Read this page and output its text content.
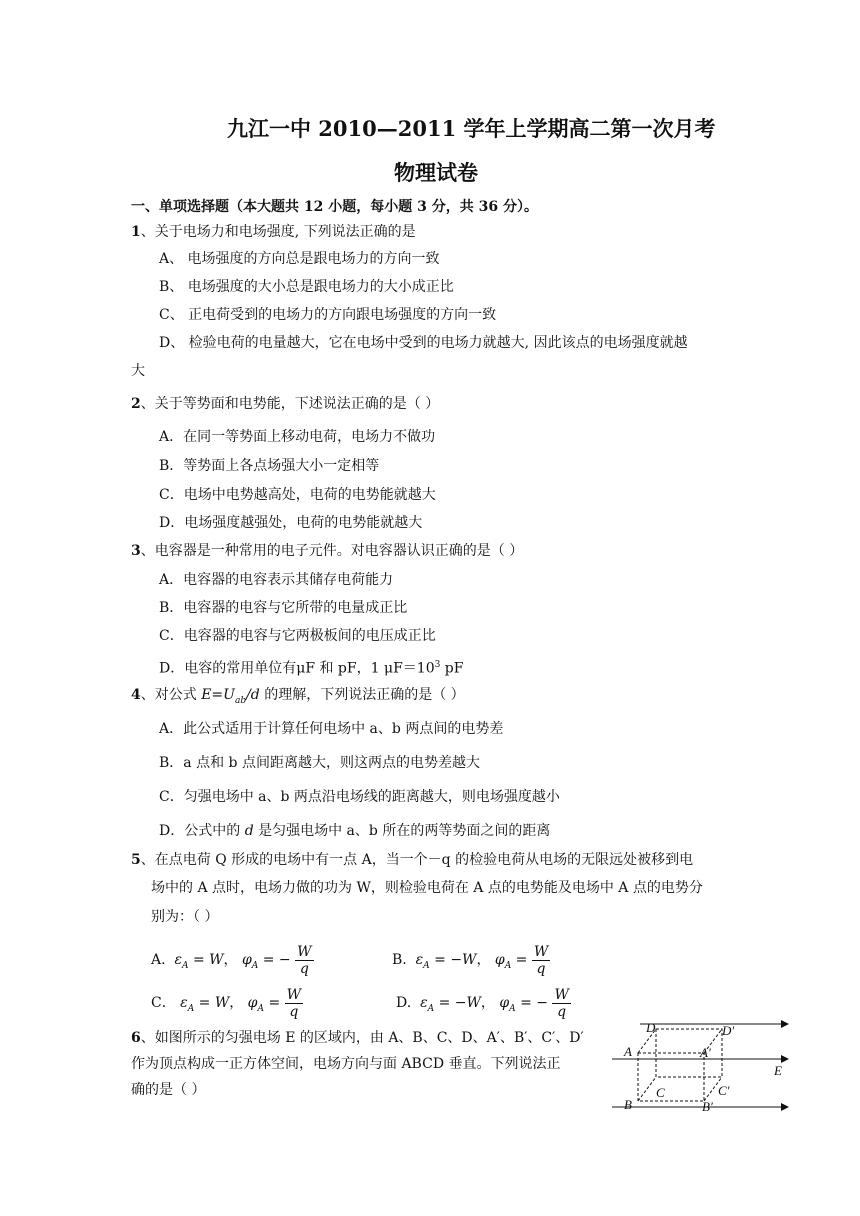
九江一中 2010—2011 学年上学期高二第一次月考
物理试卷
一、单项选择题（本大题共 12 小题，每小题 3 分，共 36 分）。
1、关于电场力和电场强度, 下列说法正确的是
A、 电场强度的方向总是跟电场力的方向一致
B、 电场强度的大小总是跟电场力的大小成正比
C、 正电荷受到的电场力的方向跟电场强度的方向一致
D、 检验电荷的电量越大，它在电场中受到的电场力就越大, 因此该点的电场强度就越
大
2、关于等势面和电势能，下述说法正确的是（ ）
A．在同一等势面上移动电荷，电场力不做功
B．等势面上各点场强大小一定相等
C．电场中电势越高处，电荷的电势能就越大
D．电场强度越强处，电荷的电势能就越大
3、电容器是一种常用的电子元件。对电容器认识正确的是（ ）
A．电容器的电容表示其储存电荷能力
B．电容器的电容与它所带的电量成正比
C．电容器的电容与它两极板间的电压成正比
D．电容的常用单位有μF 和 pF，1 $\mu F=10^3$ pF
4、对公式 $E=U_{ab}/d$ 的理解，下列说法正确的是（ ）
A．此公式适用于计算任何电场中 a、b 两点间的电势差
B．a 点和 b 点间距离越大，则这两点的电势差越大
C．匀强电场中 a、b 两点沿电场线的距离越大，则电场强度越小
D．公式中的 d 是匀强电场中 a、b 所在的两等势面之间的距离
5、在点电荷 Q 形成的电场中有一点 A，当一个－q 的检验电荷从电场的无限远处被移到电
场中的 A 点时，电场力做的功为 W，则检验电荷在 A 点的电势能及电场中 A 点的电势分
别为：（ ）
A. $\varepsilon_A = W$， $\varphi_A$ = − $\frac{W}{q}$	B. $\varepsilon_A = -W$， $\varphi_A = \frac{W}{q}$
C． $\varepsilon_A = W$， $\varphi_A = \frac{W}{q}$	D. $\varepsilon_A = -W$， $\varphi_A$ = − $\frac{W}{q}$
6、如图所示的匀强电场 E 的区域内，由 A、B、C、D、A′、B′、C′、D′
作为顶点构成一正方体空间，电场方向与面 ABCD 垂直。下列说法正
确的是（ ）
D	D′
A	A′
E
C	C′
B	B′
